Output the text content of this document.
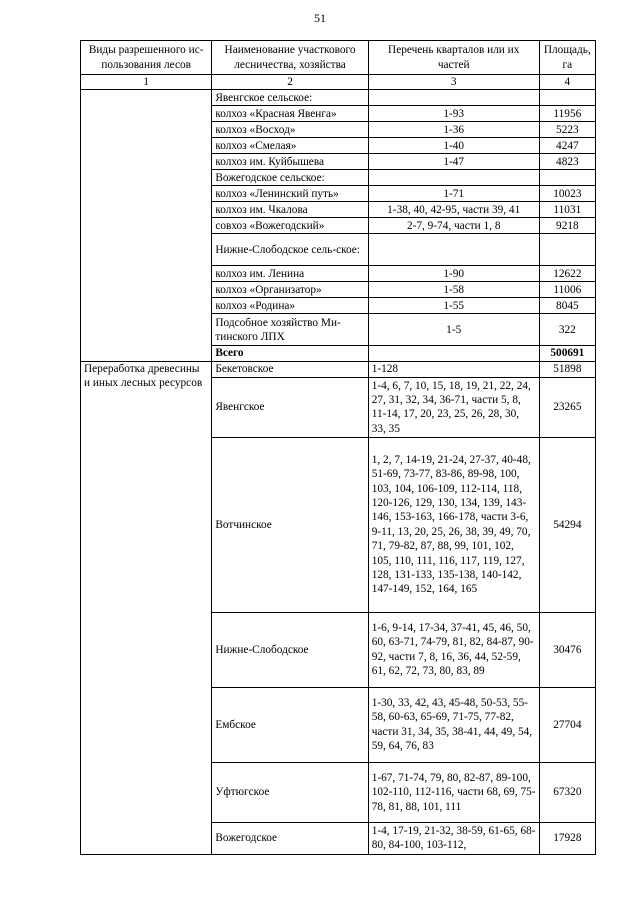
51
Виды разрешенного ис-пользования лесов	Наименование участкового лесничества, хозяйства	Перечень кварталов или их частей	Площадь, га
1	2	3	4
	Явенгское сельское:		
	колхоз «Красная Явенга»	1-93	11956
	колхоз «Восход»	1-36	5223
	колхоз «Смелая»	1-40	4247
	колхоз им. Куйбышева	1-47	4823
	Вожегодское сельское:		
	колхоз «Ленинский путь»	1-71	10023
	колхоз им. Чкалова	1-38, 40, 42-95, части 39, 41	11031
	совхоз «Вожегодский»	2-7, 9-74, части 1, 8	9218
	Нижне-Слободское сель-ское:		
	колхоз им. Ленина	1-90	12622
	колхоз «Организатор»	1-58	11006
	колхоз «Родина»	1-55	8045
	Подсобное хозяйство Ми-тинского ЛПХ	1-5	322
	Всего		500691
Переработка древесины и иных лесных ресурсов	Бекетовское	1-128	51898
	Явенгское	1-4, 6, 7, 10, 15, 18, 19, 21, 22, 24, 27, 31, 32, 34, 36-71, части 5, 8, 11-14, 17, 20, 23, 25, 26, 28, 30, 33, 35	23265
	Вотчинское	1, 2, 7, 14-19, 21-24, 27-37, 40-48, 51-69, 73-77, 83-86, 89-98, 100, 103, 104, 106-109, 112-114, 118, 120-126, 129, 130, 134, 139, 143-146, 153-163, 166-178, части 3-6, 9-11, 13, 20, 25, 26, 38, 39, 49, 70, 71, 79-82, 87, 88, 99, 101, 102, 105, 110, 111, 116, 117, 119, 127, 128, 131-133, 135-138, 140-142, 147-149, 152, 164, 165	54294
	Нижне-Слободское	1-6, 9-14, 17-34, 37-41, 45, 46, 50, 60, 63-71, 74-79, 81, 82, 84-87, 90-92, части 7, 8, 16, 36, 44, 52-59, 61, 62, 72, 73, 80, 83, 89	30476
	Ембское	1-30, 33, 42, 43, 45-48, 50-53, 55-58, 60-63, 65-69, 71-75, 77-82, части 31, 34, 35, 38-41, 44, 49, 54, 59, 64, 76, 83	27704
	Уфтюгское	1-67, 71-74, 79, 80, 82-87, 89-100, 102-110, 112-116, части 68, 69, 75-78, 81, 88, 101, 111	67320
	Вожегодское	1-4, 17-19, 21-32, 38-59, 61-65, 68-80, 84-100, 103-112,	17928
